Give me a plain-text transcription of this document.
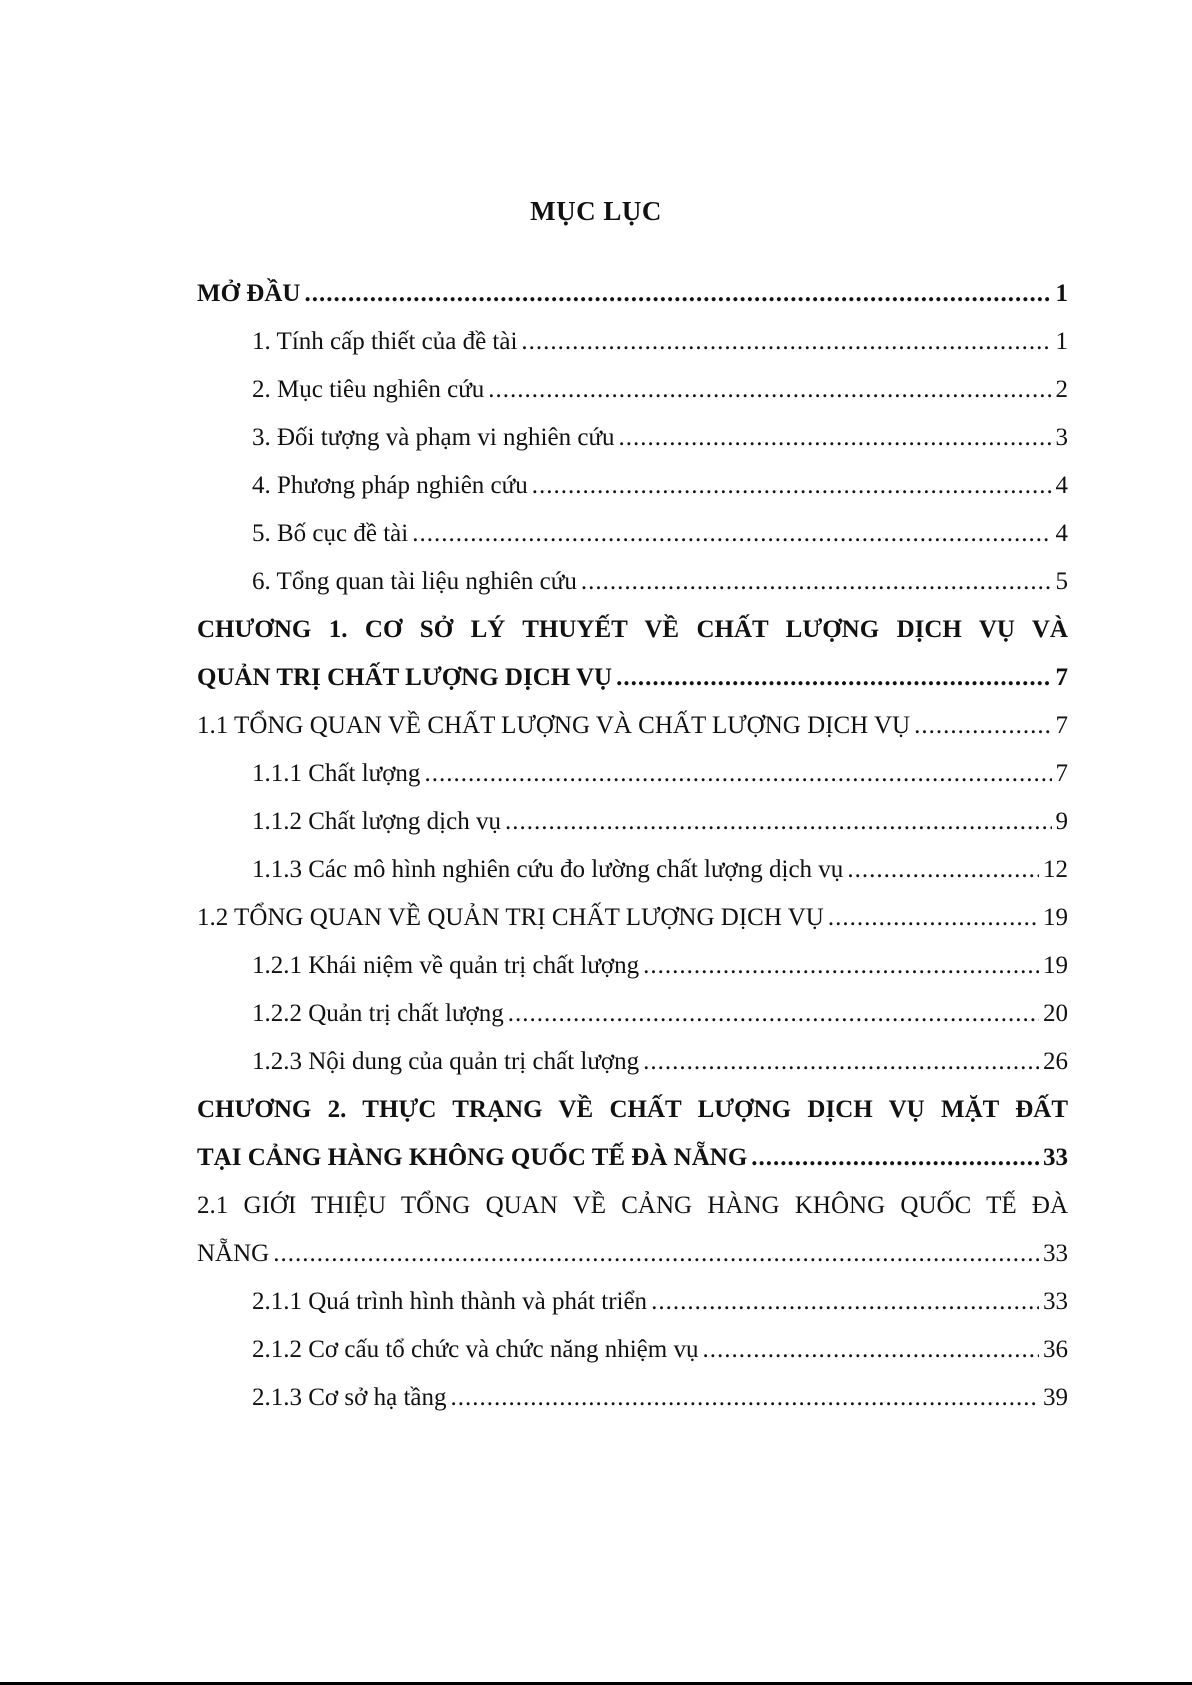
MỤC LỤC
MỞ ĐẦU .....	1
1. Tính cấp thiết của đề tài .....	1
2. Mục tiêu nghiên cứu .....	2
3. Đối tượng và phạm vi nghiên cứu .....	3
4. Phương pháp nghiên cứu .....	4
5. Bố cục đề tài .....	4
6. Tổng quan tài liệu nghiên cứu .....	5
CHƯƠNG 1. CƠ SỞ LÝ THUYẾT VỀ CHẤT LƯỢNG DỊCH VỤ VÀ
QUẢN TRỊ CHẤT LƯỢNG DỊCH VỤ .....	7
1.1 TỔNG QUAN VỀ CHẤT LƯỢNG VÀ CHẤT LƯỢNG DỊCH VỤ .....	7
1.1.1 Chất lượng .....	7
1.1.2 Chất lượng dịch vụ .....	9
1.1.3 Các mô hình nghiên cứu đo lường chất lượng dịch vụ .....	12
1.2 TỔNG QUAN VỀ QUẢN TRỊ CHẤT LƯỢNG DỊCH VỤ .....	19
1.2.1 Khái niệm về quản trị chất lượng .....	19
1.2.2 Quản trị chất lượng .....	20
1.2.3 Nội dung của quản trị chất lượng .....	26
CHƯƠNG 2. THỰC TRẠNG VỀ CHẤT LƯỢNG DỊCH VỤ MẶT ĐẤT
TẠI CẢNG HÀNG KHÔNG QUỐC TẾ ĐÀ NẴNG .....	33
2.1 GIỚI THIỆU TỔNG QUAN VỀ CẢNG HÀNG KHÔNG QUỐC TẾ ĐÀ
NẴNG .....	33
2.1.1 Quá trình hình thành và phát triển .....	33
2.1.2 Cơ cấu tổ chức và chức năng nhiệm vụ .....	36
2.1.3 Cơ sở hạ tầng .....	39
